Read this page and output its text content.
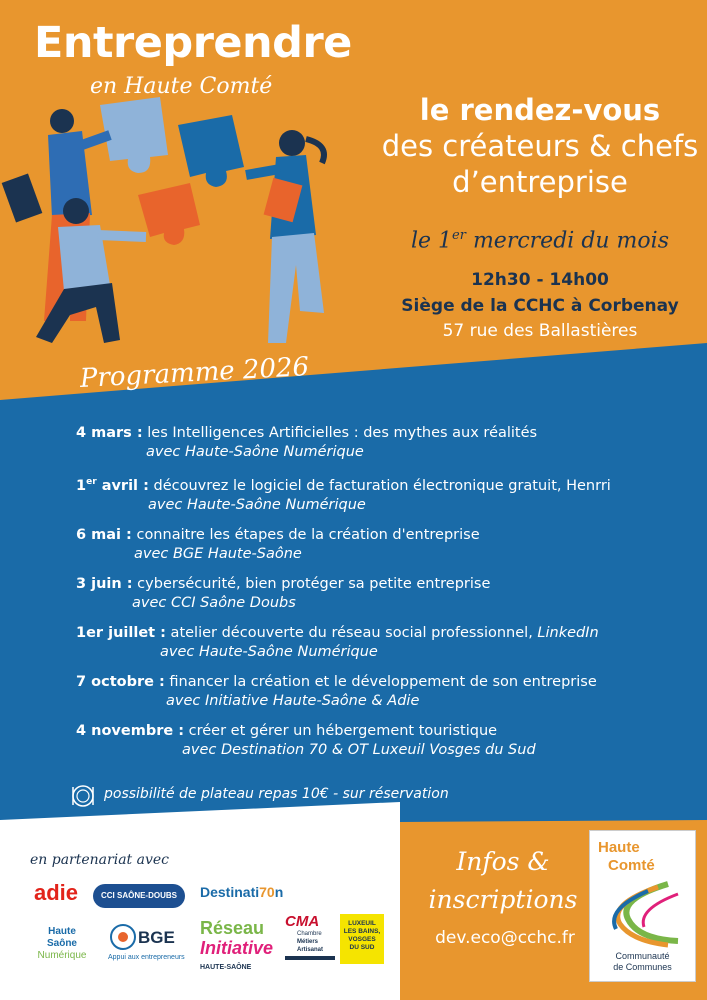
Entreprendre
en Haute Comté
le rendez-vous
des créateurs & chefs
d’entreprise
le 1er mercredi du mois
12h30 - 14h00
Siège de la CCHC à Corbenay
57 rue des Ballastières
Programme 2026
4 mars : les Intelligences Artificielles : des mythes aux réalités
avec Haute-Saône Numérique
1er avril : découvrez le logiciel de facturation électronique gratuit, Henrri
avec Haute-Saône Numérique
6 mai : connaitre les étapes de la création d'entreprise
avec BGE Haute-Saône
3 juin : cybersécurité, bien protéger sa petite entreprise
avec CCI Saône Doubs
1er juillet : atelier découverte du réseau social professionnel, LinkedIn
avec Haute-Saône Numérique
7 octobre : financer la création et le développement de son entreprise
avec Initiative Haute-Saône & Adie
4 novembre : créer et gérer un hébergement touristique
avec Destination 70 & OT Luxeuil Vosges du Sud
possibilité de plateau repas 10€ - sur réservation
en partenariat avec
adie	CCI SAÔNE-DOUBS	Destinati70n
Haute
Saône
Numérique
BGE
Appui aux entrepreneurs
Réseau
Initiative
HAUTE-SAÔNE
CMA
Chambre
Métiers
Artisanat
LUXEUIL
LES BAINS,
VOSGES
DU SUD
Infos &
inscriptions
dev.eco@cchc.fr
Haute
Comté
Communauté
de Communes
